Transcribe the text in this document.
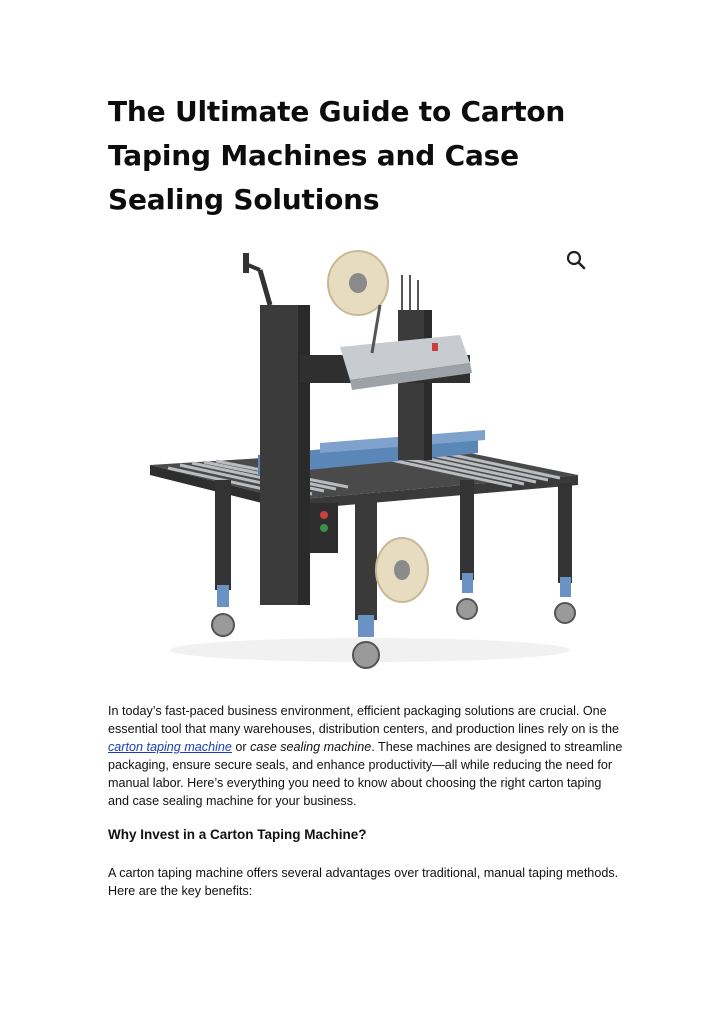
The Ultimate Guide to Carton Taping Machines and Case Sealing Solutions

In today’s fast-paced business environment, efficient packaging solutions are crucial. One essential tool that many warehouses, distribution centers, and production lines rely on is the carton taping machine or case sealing machine. These machines are designed to streamline packaging, ensure secure seals, and enhance productivity—all while reducing the need for manual labor. Here’s everything you need to know about choosing the right carton taping and case sealing machine for your business.

Why Invest in a Carton Taping Machine?

A carton taping machine offers several advantages over traditional, manual taping methods. Here are the key benefits:
